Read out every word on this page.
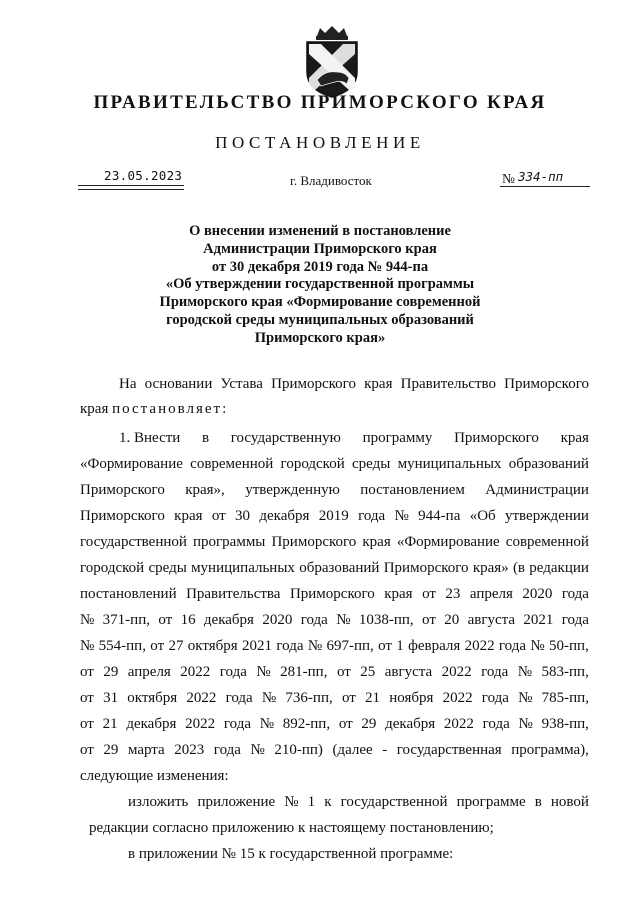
ПРАВИТЕЛЬСТВО ПРИМОРСКОГО КРАЯ
ПОСТАНОВЛЕНИЕ
23.05.2023	г. Владивосток	№ 334-пп
О внесении изменений в постановление
Администрации Приморского края
от 30 декабря 2019 года № 944-па
«Об утверждении государственной программы
Приморского края «Формирование современной
городской среды муниципальных образований
Приморского края»
На основании Устава Приморского края Правительство Приморского
края постановляет:
1. Внести в государственную программу Приморского края
«Формирование современной городской среды муниципальных образований
Приморского края», утвержденную постановлением Администрации
Приморского края от 30 декабря 2019 года № 944-па «Об утверждении
государственной программы Приморского края «Формирование современной
городской среды муниципальных образований Приморского края» (в редакции
постановлений Правительства Приморского края от 23 апреля 2020 года
№ 371-пп, от 16 декабря 2020 года № 1038-пп, от 20 августа 2021 года
№ 554-пп, от 27 октября 2021 года № 697-пп, от 1 февраля 2022 года № 50-пп,
от 29 апреля 2022 года № 281-пп, от 25 августа 2022 года № 583-пп,
от 31 октября 2022 года № 736-пп, от 21 ноября 2022 года № 785-пп,
от 21 декабря 2022 года № 892-пп, от 29 декабря 2022 года № 938-пп,
от 29 марта 2023 года № 210-пп) (далее - государственная программа),
следующие изменения:
изложить приложение № 1 к государственной программе в новой
редакции согласно приложению к настоящему постановлению;
в приложении № 15 к государственной программе:
